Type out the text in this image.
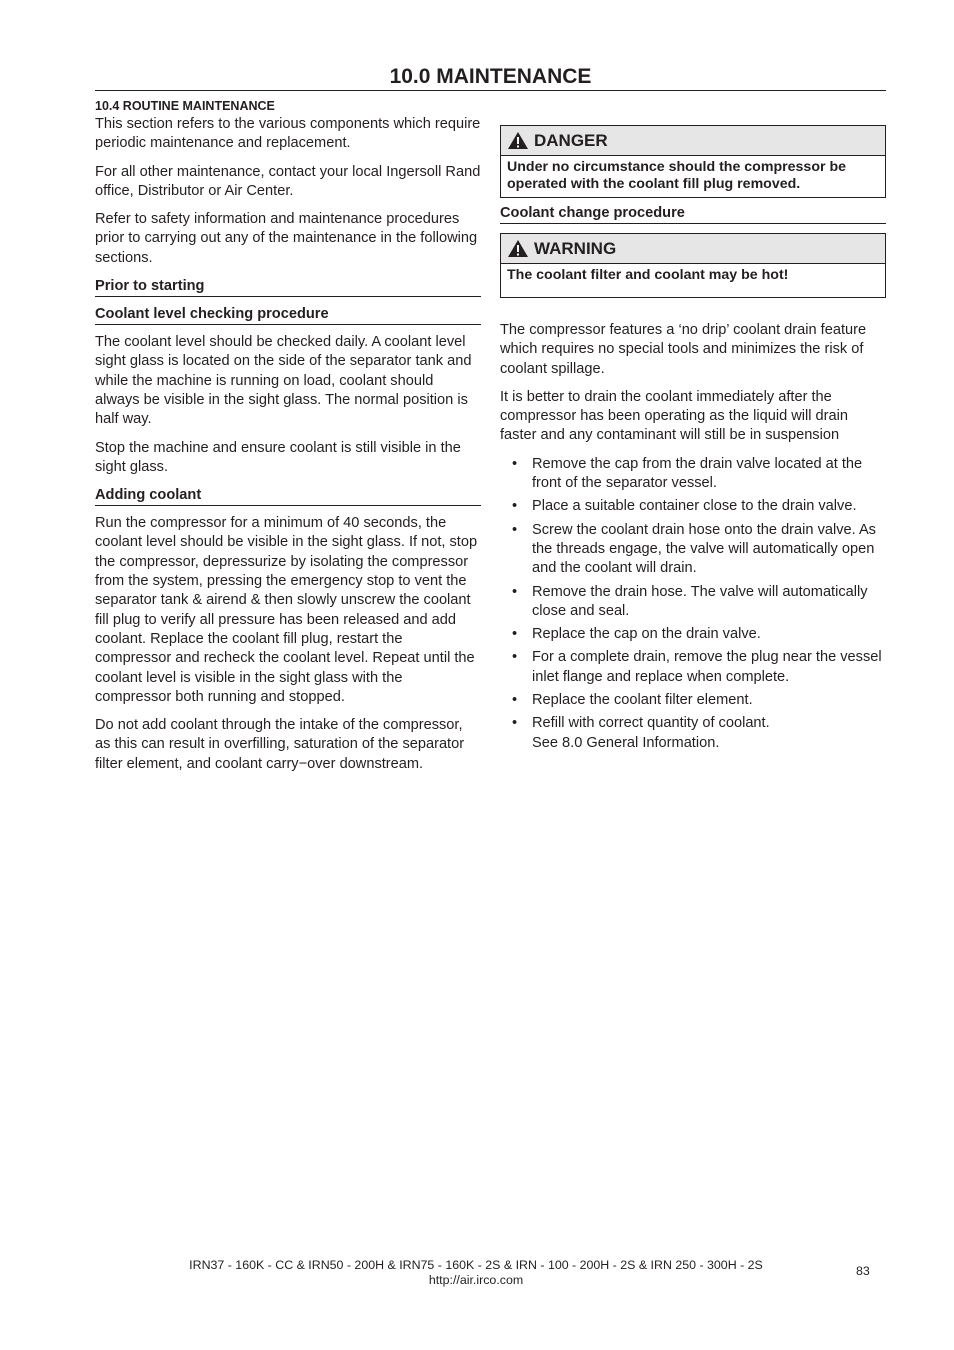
10.0 MAINTENANCE
10.4 ROUTINE MAINTENANCE

This section refers to the various components which require periodic maintenance and replacement.

For all other maintenance, contact your local Ingersoll Rand office, Distributor or Air Center.

Refer to safety information and maintenance procedures prior to carrying out any of the maintenance in the following sections.

Prior to starting
Coolant level checking procedure

The coolant level should be checked daily. A coolant level sight glass is located on the side of the separator tank and while the machine is running on load, coolant should always be visible in the sight glass. The normal position is half way.

Stop the machine and ensure coolant is still visible in the sight glass.

Adding coolant

Run the compressor for a minimum of 40 seconds, the coolant level should be visible in the sight glass. If not, stop the compressor, depressurize by isolating the compressor from the system, pressing the emergency stop to vent the separator tank & airend & then slowly unscrew the coolant fill plug to verify all pressure has been released and add coolant. Replace the coolant fill plug, restart the compressor and recheck the coolant level. Repeat until the coolant level is visible in the sight glass with the compressor both running and stopped.

Do not add coolant through the intake of the compressor, as this can result in overfilling, saturation of the separator filter element, and coolant carry−over downstream.

DANGER
Under no circumstance should the compressor be operated with the coolant fill plug removed.
Coolant change procedure
WARNING
The coolant filter and coolant may be hot!

The compressor features a ‘no drip’ coolant drain feature which requires no special tools and minimizes the risk of coolant spillage.

It is better to drain the coolant immediately after the compressor has been operating as the liquid will drain faster and any contaminant will still be in suspension

• Remove the cap from the drain valve located at the front of the separator vessel.
• Place a suitable container close to the drain valve.
• Screw the coolant drain hose onto the drain valve. As the threads engage, the valve will automatically open and the coolant will drain.
• Remove the drain hose. The valve will automatically close and seal.
• Replace the cap on the drain valve.
• For a complete drain, remove the plug near the vessel inlet flange and replace when complete.
• Replace the coolant filter element.
• Refill with correct quantity of coolant.
See 8.0 General Information.
IRN37 - 160K - CC & IRN50 - 200H & IRN75 - 160K - 2S & IRN - 100 - 200H - 2S & IRN 250 - 300H - 2S
http://air.irco.com
83
